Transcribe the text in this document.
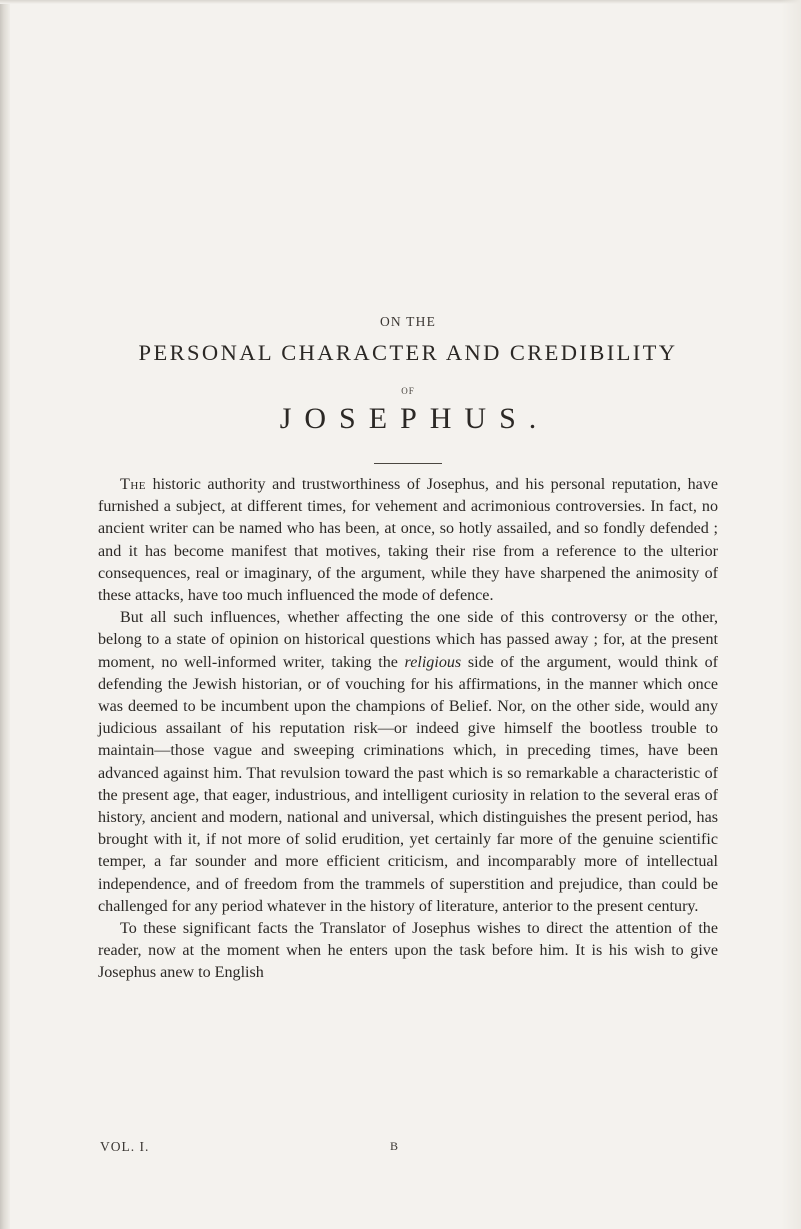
ON THE
PERSONAL CHARACTER AND CREDIBILITY
OF
JOSEPHUS.

The historic authority and trustworthiness of Josephus, and his personal reputation, have furnished a subject, at different times, for vehement and acrimonious controversies. In fact, no ancient writer can be named who has been, at once, so hotly assailed, and so fondly defended ; and it has become manifest that motives, taking their rise from a reference to the ulterior consequences, real or imaginary, of the argument, while they have sharpened the animosity of these attacks, have too much influenced the mode of defence.

But all such influences, whether affecting the one side of this controversy or the other, belong to a state of opinion on historical questions which has passed away ; for, at the present moment, no well-informed writer, taking the religious side of the argument, would think of defending the Jewish historian, or of vouching for his affirmations, in the manner which once was deemed to be incumbent upon the champions of Belief. Nor, on the other side, would any judicious assailant of his reputation risk—or indeed give himself the bootless trouble to maintain—those vague and sweeping criminations which, in preceding times, have been advanced against him. That revulsion toward the past which is so remarkable a characteristic of the present age, that eager, industrious, and intelligent curiosity in relation to the several eras of history, ancient and modern, national and universal, which distinguishes the present period, has brought with it, if not more of solid erudition, yet certainly far more of the genuine scientific temper, a far sounder and more efficient criticism, and incomparably more of intellectual independence, and of freedom from the trammels of superstition and prejudice, than could be challenged for any period whatever in the history of literature, anterior to the present century.

To these significant facts the Translator of Josephus wishes to direct the attention of the reader, now at the moment when he enters upon the task before him. It is his wish to give Josephus anew to English

VOL. I.	B
